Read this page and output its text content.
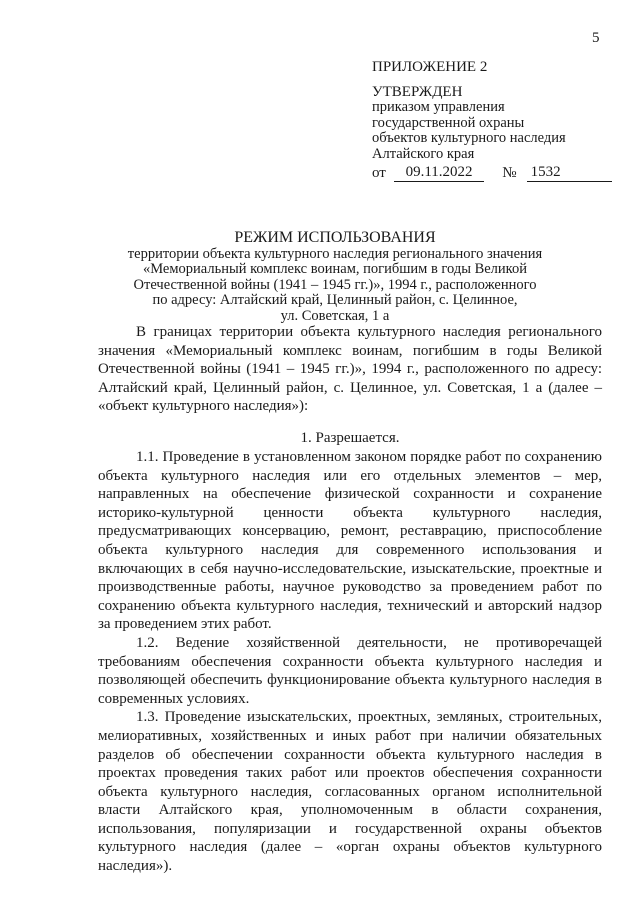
5
ПРИЛОЖЕНИЕ 2
УТВЕРЖДЕН

приказом управления

государственной охраны

объектов культурного наследия

Алтайского края

от	09.11.2022	№ 1532
РЕЖИМ ИСПОЛЬЗОВАНИЯ

территории объекта культурного наследия регионального значения

«Мемориальный комплекс воинам, погибшим в годы Великой

Отечественной войны (1941 – 1945 гг.)», 1994 г., расположенного

по адресу: Алтайский край, Целинный район, с. Целинное,

ул. Советская, 1 а

В границах территории объекта культурного наследия регионального значения «Мемориальный комплекс воинам, погибшим в годы Великой Отечественной войны (1941 – 1945 гг.)», 1994 г., расположенного по адресу: Алтайский край, Целинный район, с. Целинное, ул. Советская, 1 а (далее – «объект культурного наследия»):

1. Разрешается.

1.1. Проведение в установленном законом порядке работ по сохранению объекта культурного наследия или его отдельных элементов – мер, направленных на обеспечение физической сохранности и сохранение историко-культурной ценности объекта культурного наследия, предусматривающих консервацию, ремонт, реставрацию, приспособление объекта культурного наследия для современного использования и включающих в себя научно-исследовательские, изыскательские, проектные и производственные работы, научное руководство за проведением работ по сохранению объекта культурного наследия, технический и авторский надзор за проведением этих работ.

1.2. Ведение хозяйственной деятельности, не противоречащей требованиям обеспечения сохранности объекта культурного наследия и позволяющей обеспечить функционирование объекта культурного наследия в современных условиях.

1.3. Проведение изыскательских, проектных, земляных, строительных, мелиоративных, хозяйственных и иных работ при наличии обязательных разделов об обеспечении сохранности объекта культурного наследия в проектах проведения таких работ или проектов обеспечения сохранности объекта культурного наследия, согласованных органом исполнительной власти Алтайского края, уполномоченным в области сохранения, использования, популяризации и государственной охраны объектов культурного наследия (далее – «орган охраны объектов культурного наследия»).
